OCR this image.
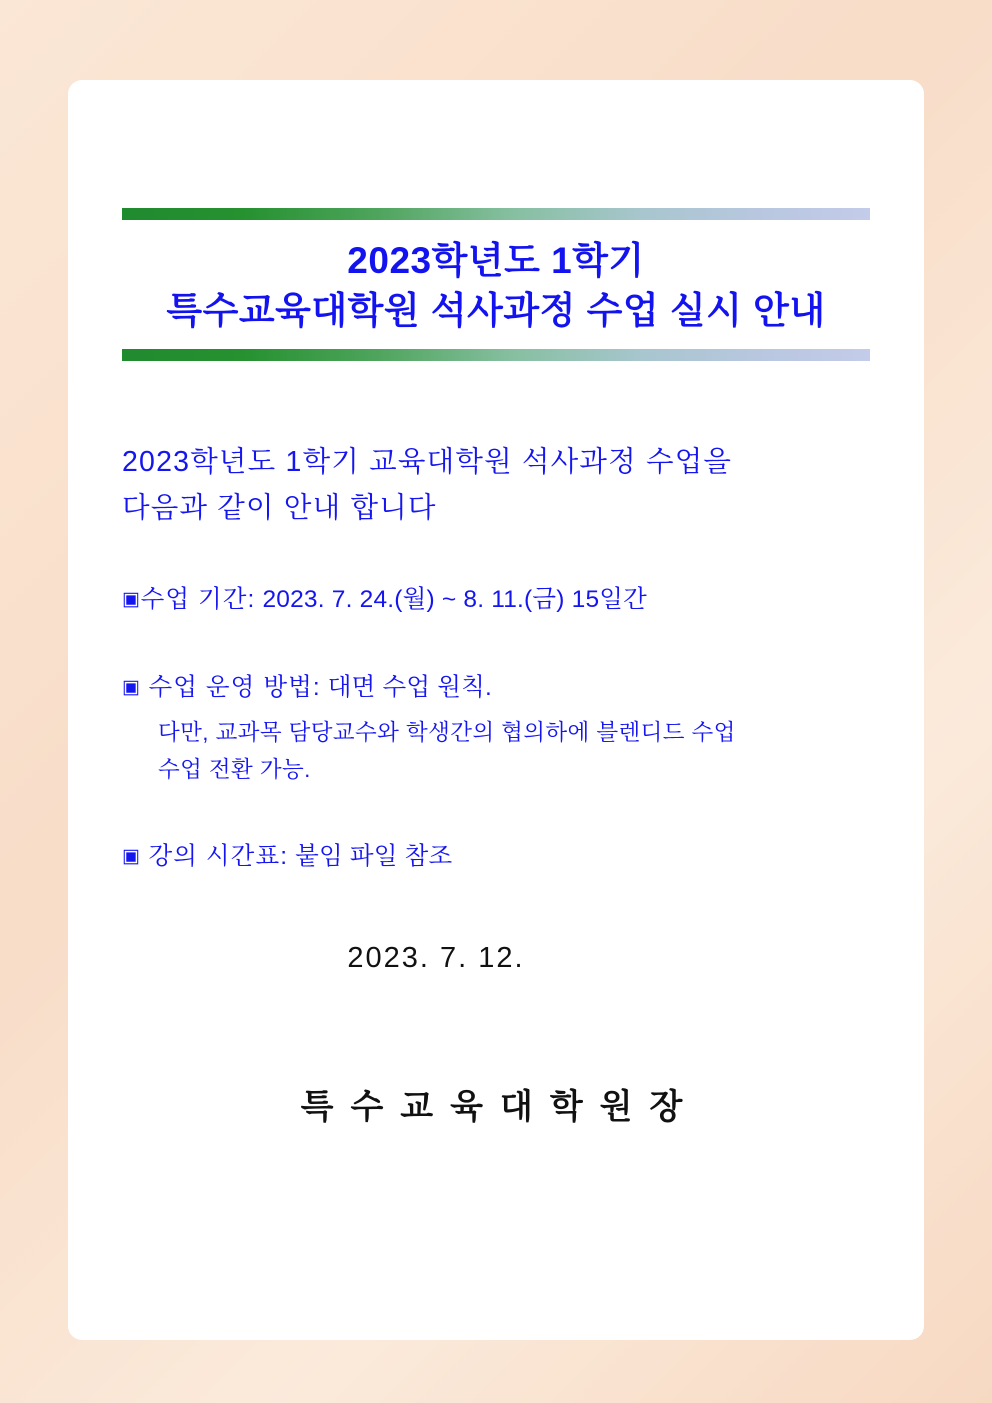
2023학년도 1학기
특수교육대학원 석사과정 수업 실시 안내
2023학년도 1학기 교육대학원 석사과정 수업을
다음과 같이 안내 합니다
▣ 수업 기간: 2023. 7. 24.(월) ~ 8. 11.(금) 15일간
▣ 수업 운영 방법: 대면 수업 원칙.
다만, 교과목 담당교수와 학생간의 협의하에 블렌디드 수업
수업 전환 가능.
▣ 강의 시간표: 붙임 파일 참조
2023. 7. 12.
특수교육대학원장
